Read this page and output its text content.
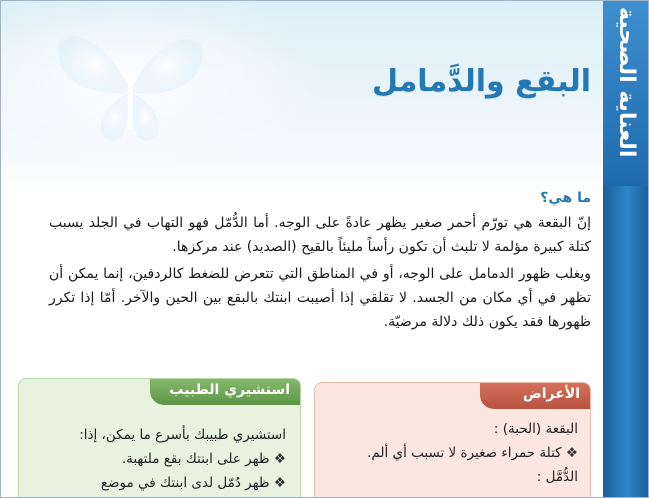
العناية الصحية
البقع والدَّمامل
ما هي؟

إنّ البقعة هي تورّم أحمر صغير يظهر عادةً على الوجه. أما الدُّمّل فهو التهاب في الجلد يسبب كتلة كبيرة مؤلمة لا تلبث أن تكون رأساً مليئاً بالقيح (الصديد) عند مركزها.

ويغلب ظهور الدمامل على الوجه، أو في المناطق التي تتعرض للضغط كالردفين، إنما يمكن أن تظهر في أي مكان من الجسد. لا تقلقي إذا أصيبت ابنتك بالبقع بين الحين والآخر. أمّا إذا تكرر ظهورها فقد يكون ذلك دلالة مرضيّة.

الأعراض
البقعة (الحبة) :
❖ كتلة حمراء صغيرة لا تسبب أي ألم.
الدُّمَّل :
استشيري الطبيب
استشيري طبيبك بأسرع ما يمكن، إذا:
❖ ظهر على ابنتك بقع ملتهبة.
❖ ظهر دُمّل لدى ابنتك في موضع
